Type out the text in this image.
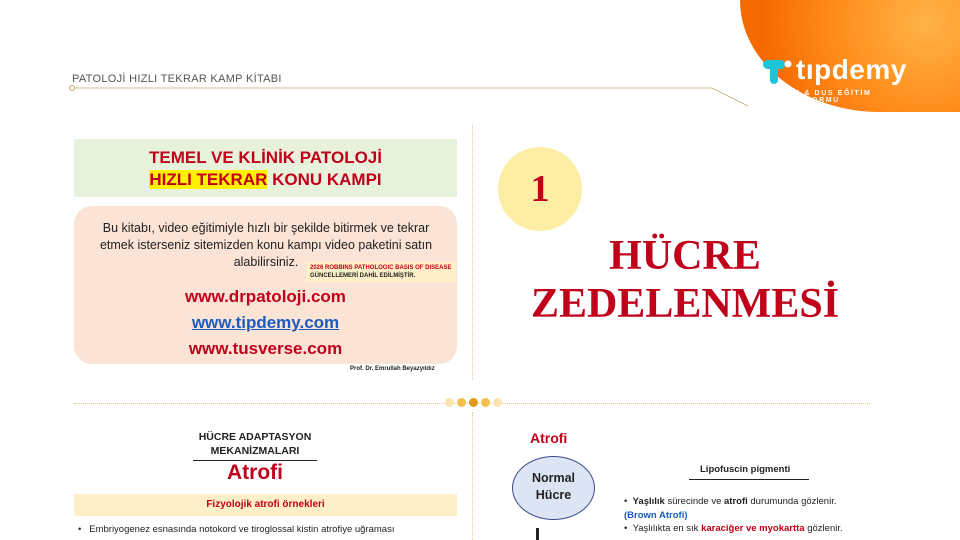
PATOLOJİ HIZLI TEKRAR KAMP KİTABI	tıpdemy
TUS & DUS EĞİTİM PLATFORMU
TEMEL VE KLİNİK PATOLOJİ
HIZLI TEKRAR KONU KAMPI
Bu kitabı, video eğitimiyle hızlı bir şekilde bitirmek ve tekrar etmek isterseniz sitemizden konu kampı video paketini satın alabilirsiniz.	2026 ROBBINS PATHOLOGIC BASIS OF DISEASE
GÜNCELLEMERİ DAHİL EDİLMİŞTİR.
www.drpatoloji.com
www.tipdemy.com
www.tusverse.com
Prof. Dr. Emrullah Beyazyıldız
1
HÜCRE
ZEDELENMESİ
HÜCRE ADAPTASYON
MEKANİZMALARI
Atrofi
Fizyolojik atrofi örnekleri
•   Embriyogenez esnasında notokord ve tiroglossal kistin atrofiye uğraması
Atrofi
Normal
Hücre
Lipofuscin pigmenti
•  Yaşlılık sürecinde ve atrofi durumunda gözlenir.
(Brown Atrofi)
•  Yaşlılıkta en sık karaciğer ve myokartta gözlenir.
